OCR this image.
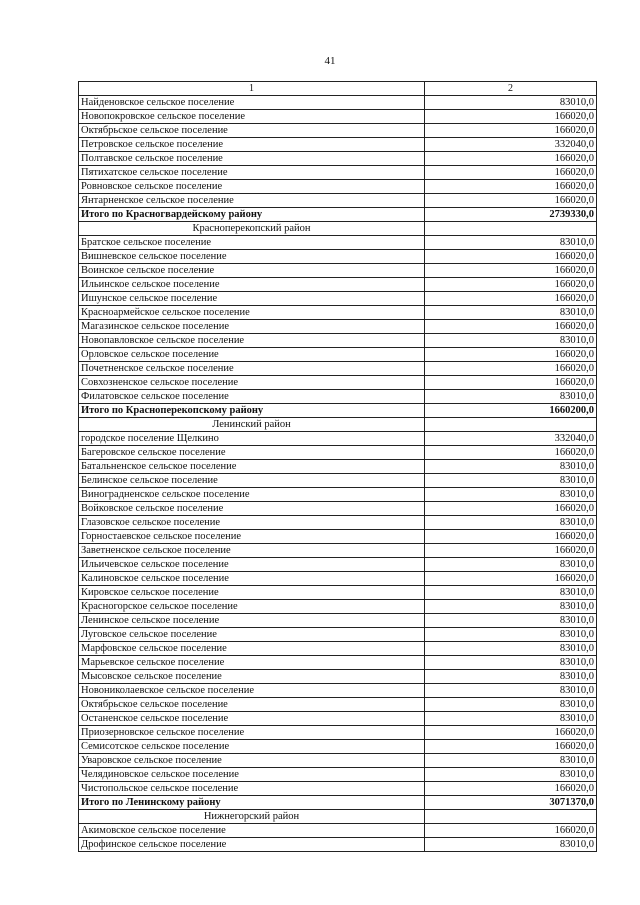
41
1	2
Найденовское сельское поселение	83010,0
Новопокровское сельское поселение	166020,0
Октябрьское сельское поселение	166020,0
Петровское сельское поселение	332040,0
Полтавское сельское поселение	166020,0
Пятихатское сельское поселение	166020,0
Ровновское сельское поселение	166020,0
Янтарненское сельское поселение	166020,0
Итого по Красногвардейскому району	2739330,0
Красноперекопский район	
Братское сельское поселение	83010,0
Вишневское сельское поселение	166020,0
Воинское сельское поселение	166020,0
Ильинское сельское поселение	166020,0
Ишунское сельское поселение	166020,0
Красноармейское сельское поселение	83010,0
Магазинское сельское поселение	166020,0
Новопавловское сельское поселение	83010,0
Орловское сельское поселение	166020,0
Почетненское сельское поселение	166020,0
Совхозненское сельское поселение	166020,0
Филатовское сельское поселение	83010,0
Итого по Красноперекопскому району	1660200,0
Ленинский район	
городское поселение Щелкино	332040,0
Багеровское сельское поселение	166020,0
Батальненское сельское поселение	83010,0
Белинское сельское поселение	83010,0
Виноградненское сельское поселение	83010,0
Войковское сельское поселение	166020,0
Глазовское сельское поселение	83010,0
Горностаевское сельское поселение	166020,0
Заветненское сельское поселение	166020,0
Ильичевское сельское поселение	83010,0
Калиновское сельское поселение	166020,0
Кировское сельское поселение	83010,0
Красногорское сельское поселение	83010,0
Ленинское сельское поселение	83010,0
Луговское сельское поселение	83010,0
Марфовское сельское поселение	83010,0
Марьевское сельское поселение	83010,0
Мысовское сельское поселение	83010,0
Новониколаевское сельское поселение	83010,0
Октябрьское сельское поселение	83010,0
Останенское сельское поселение	83010,0
Приозерновское сельское поселение	166020,0
Семисотское сельское поселение	166020,0
Уваровское сельское поселение	83010,0
Челядиновское сельское поселение	83010,0
Чистопольское сельское поселение	166020,0
Итого по Ленинскому району	3071370,0
Нижнегорский район	
Акимовское сельское поселение	166020,0
Дрофинское сельское поселение	83010,0
